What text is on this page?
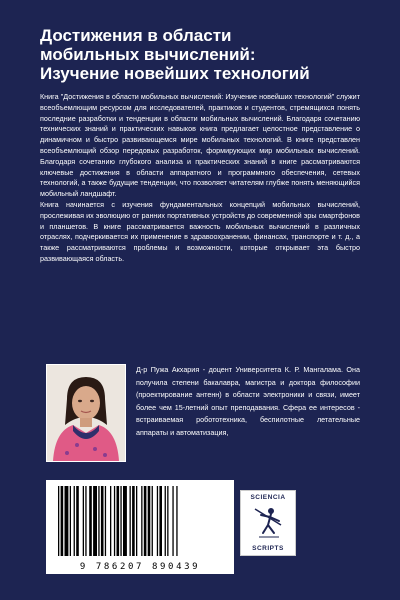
Достижения в области
мобильных вычислений:
Изучение новейших технологий

Книга "Достижения в области мобильных вычислений: Изучение новейших технологий" служит всеобъемлющим ресурсом для исследователей, практиков и студентов, стремящихся понять последние разработки и тенденции в области мобильных вычислений. Благодаря сочетанию технических знаний и практических навыков книга предлагает целостное представление о динамичном и быстро развивающемся мире мобильных технологий. В книге представлен всеобъемлющий обзор передовых разработок, формирующих мир мобильных вычислений. Благодаря сочетанию глубокого анализа и практических знаний в книге рассматриваются ключевые достижения в области аппаратного и программного обеспечения, сетевых технологий, а также будущие тенденции, что позволяет читателям глубже понять меняющийся мобильный ландшафт.

Книга начинается с изучения фундаментальных концепций мобильных вычислений, прослеживая их эволюцию от ранних портативных устройств до современной эры смартфонов и планшетов. В книге рассматривается важность мобильных вычислений в различных отраслях, подчеркивается их применение в здравоохранении, финансах, транспорте и т. д., а также рассматриваются проблемы и возможности, которые открывает эта быстро развивающаяся область.

Д-р Пужа Акхария - доцент Университета К. Р. Мангалама. Она получила степени бакалавра, магистра и доктора философии (проектирование антенн) в области электроники и связи, имеет более чем 15-летний опыт преподавания. Сфера ее интересов - встраиваемая робототехника, беспилотные летательные аппараты и автоматизация,
9 786207 890439
SCIENCIA
SCRIPTS
